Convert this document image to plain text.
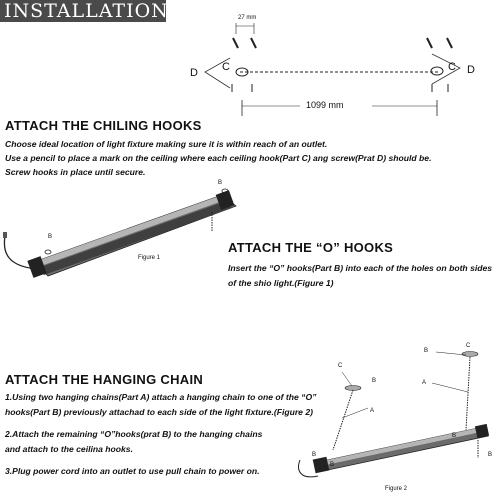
INSTALLATION	27 mm
1099 mm
C
D	C D
ATTACH THE CHILING HOOKS
Choose ideal location of light fixture making sure it is within reach of an outlet.
Use a pencil to place a mark on the ceiling where each ceiling hook(Part C) ang screw(Prat D) should be.
Screw hooks in place until secure.
B
B
Figure 1
ATTACH THE “O” HOOKS
Insert the “O” hooks(Part B) into each of the holes on both sides
of the shio light.(Figure 1)
ATTACH THE HANGING CHAIN
1.Using two hanging chains(Part A) attach a hanging chain to one of the “O”
hooks(Part B) previously attachad to each side of the light fixture.(Figure 2)
2.Attach the remaining “O”hooks(prat B) to the hanging chains
and attach to the ceilina hooks.
3.Plug power cord into an outlet to use pull chain to power on.
C
B
A
C
B
A
B
B
B
B
Figure 2
